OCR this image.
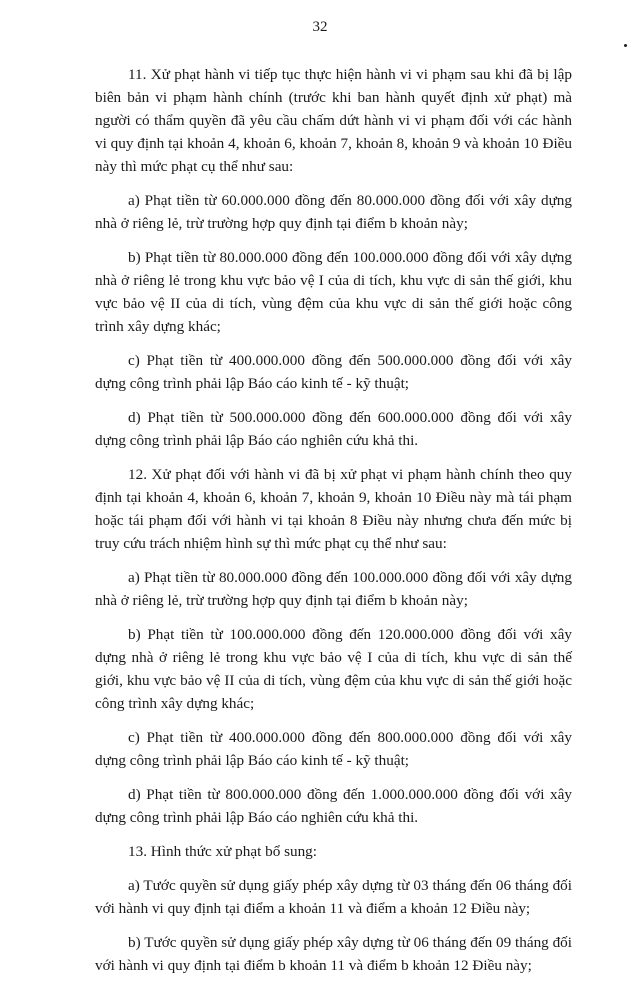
32

11. Xử phạt hành vi tiếp tục thực hiện hành vi vi phạm sau khi đã bị lập biên bản vi phạm hành chính (trước khi ban hành quyết định xử phạt) mà người có thẩm quyền đã yêu cầu chấm dứt hành vi vi phạm đối với các hành vi quy định tại khoản 4, khoản 6, khoản 7, khoản 8, khoản 9 và khoản 10 Điều này thì mức phạt cụ thể như sau:

a) Phạt tiền từ 60.000.000 đồng đến 80.000.000 đồng đối với xây dựng nhà ở riêng lẻ, trừ trường hợp quy định tại điểm b khoản này;

b) Phạt tiền từ 80.000.000 đồng đến 100.000.000 đồng đối với xây dựng nhà ở riêng lẻ trong khu vực bảo vệ I của di tích, khu vực di sản thế giới, khu vực bảo vệ II của di tích, vùng đệm của khu vực di sản thế giới hoặc công trình xây dựng khác;

c) Phạt tiền từ 400.000.000 đồng đến 500.000.000 đồng đối với xây dựng công trình phải lập Báo cáo kinh tế - kỹ thuật;

d) Phạt tiền từ 500.000.000 đồng đến 600.000.000 đồng đối với xây dựng công trình phải lập Báo cáo nghiên cứu khả thi.

12. Xử phạt đối với hành vi đã bị xử phạt vi phạm hành chính theo quy định tại khoản 4, khoản 6, khoản 7, khoản 9, khoản 10 Điều này mà tái phạm hoặc tái phạm đối với hành vi tại khoản 8 Điều này nhưng chưa đến mức bị truy cứu trách nhiệm hình sự thì mức phạt cụ thể như sau:

a) Phạt tiền từ 80.000.000 đồng đến 100.000.000 đồng đối với xây dựng nhà ở riêng lẻ, trừ trường hợp quy định tại điểm b khoản này;

b) Phạt tiền từ 100.000.000 đồng đến 120.000.000 đồng đối với xây dựng nhà ở riêng lẻ trong khu vực bảo vệ I của di tích, khu vực di sản thế giới, khu vực bảo vệ II của di tích, vùng đệm của khu vực di sản thế giới hoặc công trình xây dựng khác;

c) Phạt tiền từ 400.000.000 đồng đến 800.000.000 đồng đối với xây dựng công trình phải lập Báo cáo kinh tế - kỹ thuật;

d) Phạt tiền từ 800.000.000 đồng đến 1.000.000.000 đồng đối với xây dựng công trình phải lập Báo cáo nghiên cứu khả thi.

13. Hình thức xử phạt bổ sung:

a) Tước quyền sử dụng giấy phép xây dựng từ 03 tháng đến 06 tháng đối với hành vi quy định tại điểm a khoản 11 và điểm a khoản 12 Điều này;

b) Tước quyền sử dụng giấy phép xây dựng từ 06 tháng đến 09 tháng đối với hành vi quy định tại điểm b khoản 11 và điểm b khoản 12 Điều này;
